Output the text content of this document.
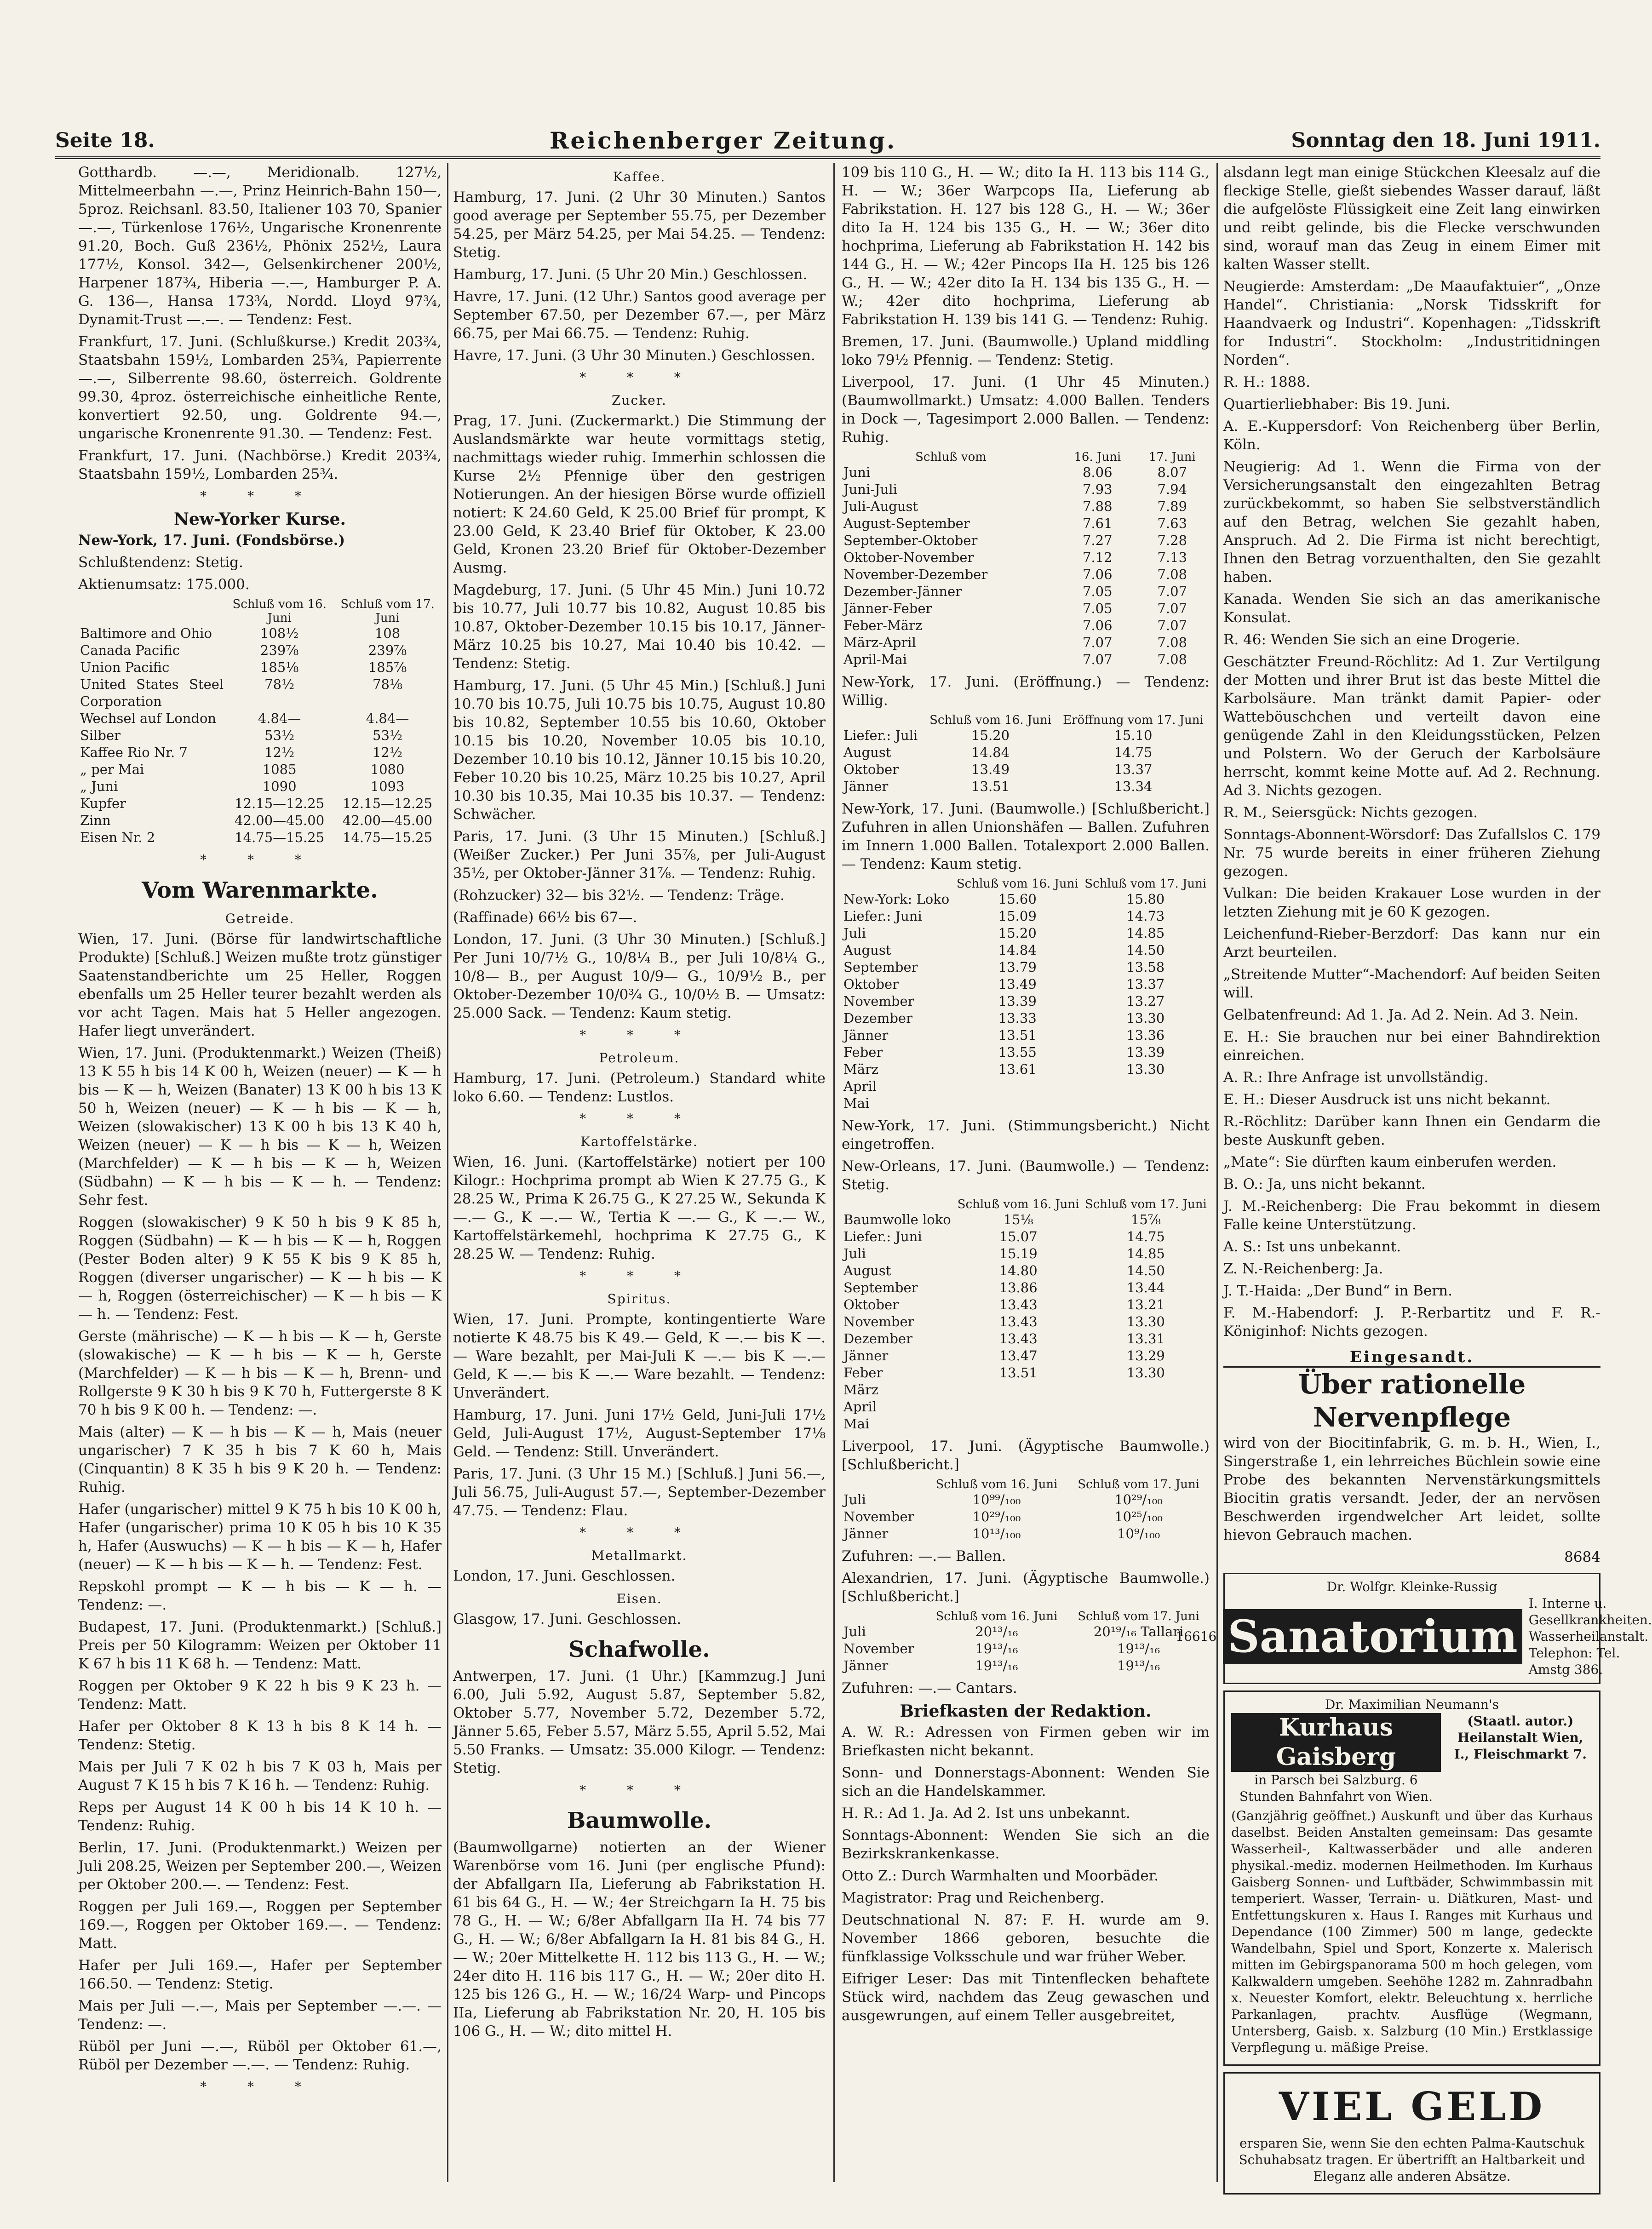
Seite 18.	Reichenberger Zeitung.	Sonntag den 18. Juni 1911.

Gotthardb. —.—, Meridionalb. 127½, Mittelmeerbahn —.—, Prinz Heinrich-Bahn 150—, 5proz. Reichsanl. 83.50, Italiener 103 70, Spanier —.—, Türkenlose 176½, Ungarische Kronenrente 91.20, Boch. Guß 236½, Phönix 252½, Laura 177½, Konsol. 342—, Gelsenkirchener 200½, Harpener 187¾, Hiberia —.—, Hamburger P. A. G. 136—, Hansa 173¾, Nordd. Lloyd 97¾, Dynamit-Trust —.—. — Tendenz: Fest.

Frankfurt, 17. Juni. (Schlußkurse.) Kredit 203¾, Staatsbahn 159½, Lombarden 25¾, Papierrente —.—, Silberrente 98.60, österreich. Goldrente 99.30, 4proz. österreichische einheitliche Rente, konvertiert 92.50, ung. Goldrente 94.—, ungarische Kronenrente 91.30. — Tendenz: Fest.

Frankfurt, 17. Juni. (Nachbörse.) Kredit 203¾, Staatsbahn 159½, Lombarden 25¾.

* * *
New-Yorker Kurse.

New-York, 17. Juni. (Fondsbörse.)

Schlußtendenz: Stetig.

Aktienumsatz: 175.000.

	Schluß vom 16. Juni	Schluß vom 17. Juni
Baltimore and Ohio	108½	108
Canada Pacific	239⅞	239⅞
Union Pacific	185⅛	185⅞
United States Steel Corporation	78½	78⅛
Wechsel auf London	4.84—	4.84—
Silber	53½	53½
Kaffee Rio Nr. 7	12½	12½
„ per Mai	1085	1080
„ Juni	1090	1093
Kupfer	12.15—12.25	12.15—12.25
Zinn	42.00—45.00	42.00—45.00
Eisen Nr. 2	14.75—15.25	14.75—15.25
* * *
Vom Warenmarkte.
Getreide.

Wien, 17. Juni. (Börse für landwirtschaftliche Produkte) [Schluß.] Weizen mußte trotz günstiger Saatenstandberichte um 25 Heller, Roggen ebenfalls um 25 Heller teurer bezahlt werden als vor acht Tagen. Mais hat 5 Heller angezogen. Hafer liegt unverändert.

Wien, 17. Juni. (Produktenmarkt.) Weizen (Theiß) 13 K 55 h bis 14 K 00 h, Weizen (neuer) — K — h bis — K — h, Weizen (Banater) 13 K 00 h bis 13 K 50 h, Weizen (neuer) — K — h bis — K — h, Weizen (slowakischer) 13 K 00 h bis 13 K 40 h, Weizen (neuer) — K — h bis — K — h, Weizen (Marchfelder) — K — h bis — K — h, Weizen (Südbahn) — K — h bis — K — h. — Tendenz: Sehr fest.

Roggen (slowakischer) 9 K 50 h bis 9 K 85 h, Roggen (Südbahn) — K — h bis — K — h, Roggen (Pester Boden alter) 9 K 55 K bis 9 K 85 h, Roggen (diverser ungarischer) — K — h bis — K — h, Roggen (österreichischer) — K — h bis — K — h. — Tendenz: Fest.

Gerste (mährische) — K — h bis — K — h, Gerste (slowakische) — K — h bis — K — h, Gerste (Marchfelder) — K — h bis — K — h, Brenn- und Rollgerste 9 K 30 h bis 9 K 70 h, Futtergerste 8 K 70 h bis 9 K 00 h. — Tendenz: —.

Mais (alter) — K — h bis — K — h, Mais (neuer ungarischer) 7 K 35 h bis 7 K 60 h, Mais (Cinquantin) 8 K 35 h bis 9 K 20 h. — Tendenz: Ruhig.

Hafer (ungarischer) mittel 9 K 75 h bis 10 K 00 h, Hafer (ungarischer) prima 10 K 05 h bis 10 K 35 h, Hafer (Auswuchs) — K — h bis — K — h, Hafer (neuer) — K — h bis — K — h. — Tendenz: Fest.

Repskohl prompt — K — h bis — K — h. — Tendenz: —.

Budapest, 17. Juni. (Produktenmarkt.) [Schluß.] Preis per 50 Kilogramm: Weizen per Oktober 11 K 67 h bis 11 K 68 h. — Tendenz: Matt.

Roggen per Oktober 9 K 22 h bis 9 K 23 h. — Tendenz: Matt.

Hafer per Oktober 8 K 13 h bis 8 K 14 h. — Tendenz: Stetig.

Mais per Juli 7 K 02 h bis 7 K 03 h, Mais per August 7 K 15 h bis 7 K 16 h. — Tendenz: Ruhig.

Reps per August 14 K 00 h bis 14 K 10 h. — Tendenz: Ruhig.

Berlin, 17. Juni. (Produktenmarkt.) Weizen per Juli 208.25, Weizen per September 200.—, Weizen per Oktober 200.—. — Tendenz: Fest.

Roggen per Juli 169.—, Roggen per September 169.—, Roggen per Oktober 169.—. — Tendenz: Matt.

Hafer per Juli 169.—, Hafer per September 166.50. — Tendenz: Stetig.

Mais per Juli —.—, Mais per September —.—. — Tendenz: —.

Rüböl per Juni —.—, Rüböl per Oktober 61.—, Rüböl per Dezember —.—. — Tendenz: Ruhig.

* * *
Kaffee.

Hamburg, 17. Juni. (2 Uhr 30 Minuten.) Santos good average per September 55.75, per Dezember 54.25, per März 54.25, per Mai 54.25. — Tendenz: Stetig.

Hamburg, 17. Juni. (5 Uhr 20 Min.) Geschlossen.

Havre, 17. Juni. (12 Uhr.) Santos good average per September 67.50, per Dezember 67.—, per März 66.75, per Mai 66.75. — Tendenz: Ruhig.

Havre, 17. Juni. (3 Uhr 30 Minuten.) Geschlossen.

* * *
Zucker.

Prag, 17. Juni. (Zuckermarkt.) Die Stimmung der Auslandsmärkte war heute vormittags stetig, nachmittags wieder ruhig. Immerhin schlossen die Kurse 2½ Pfennige über den gestrigen Notierungen. An der hiesigen Börse wurde offiziell notiert: K 24.60 Geld, K 25.00 Brief für prompt, K 23.00 Geld, K 23.40 Brief für Oktober, K 23.00 Geld, Kronen 23.20 Brief für Oktober-Dezember Ausmg.

Magdeburg, 17. Juni. (5 Uhr 45 Min.) Juni 10.72 bis 10.77, Juli 10.77 bis 10.82, August 10.85 bis 10.87, Oktober-Dezember 10.15 bis 10.17, Jänner-März 10.25 bis 10.27, Mai 10.40 bis 10.42. — Tendenz: Stetig.

Hamburg, 17. Juni. (5 Uhr 45 Min.) [Schluß.] Juni 10.70 bis 10.75, Juli 10.75 bis 10.75, August 10.80 bis 10.82, September 10.55 bis 10.60, Oktober 10.15 bis 10.20, November 10.05 bis 10.10, Dezember 10.10 bis 10.12, Jänner 10.15 bis 10.20, Feber 10.20 bis 10.25, März 10.25 bis 10.27, April 10.30 bis 10.35, Mai 10.35 bis 10.37. — Tendenz: Schwächer.

Paris, 17. Juni. (3 Uhr 15 Minuten.) [Schluß.] (Weißer Zucker.) Per Juni 35⅞, per Juli-August 35½, per Oktober-Jänner 31⅞. — Tendenz: Ruhig.

(Rohzucker) 32— bis 32½. — Tendenz: Träge.

(Raffinade) 66½ bis 67—.

London, 17. Juni. (3 Uhr 30 Minuten.) [Schluß.] Per Juni 10/7½ G., 10/8¼ B., per Juli 10/8¼ G., 10/8— B., per August 10/9— G., 10/9½ B., per Oktober-Dezember 10/0¾ G., 10/0½ B. — Umsatz: 25.000 Sack. — Tendenz: Kaum stetig.

* * *
Petroleum.

Hamburg, 17. Juni. (Petroleum.) Standard white loko 6.60. — Tendenz: Lustlos.

* * *
Kartoffelstärke.

Wien, 16. Juni. (Kartoffelstärke) notiert per 100 Kilogr.: Hochprima prompt ab Wien K 27.75 G., K 28.25 W., Prima K 26.75 G., K 27.25 W., Sekunda K —.— G., K —.— W., Tertia K —.— G., K —.— W., Kartoffelstärkemehl, hochprima K 27.75 G., K 28.25 W. — Tendenz: Ruhig.

* * *
Spiritus.

Wien, 17. Juni. Prompte, kontingentierte Ware notierte K 48.75 bis K 49.— Geld, K —.— bis K —.— Ware bezahlt, per Mai-Juli K —.— bis K —.— Geld, K —.— bis K —.— Ware bezahlt. — Tendenz: Unverändert.

Hamburg, 17. Juni. Juni 17½ Geld, Juni-Juli 17½ Geld, Juli-August 17½, August-September 17⅛ Geld. — Tendenz: Still. Unverändert.

Paris, 17. Juni. (3 Uhr 15 M.) [Schluß.] Juni 56.—, Juli 56.75, Juli-August 57.—, September-Dezember 47.75. — Tendenz: Flau.

* * *
Metallmarkt.

London, 17. Juni. Geschlossen.

Eisen.

Glasgow, 17. Juni. Geschlossen.

Schafwolle.

Antwerpen, 17. Juni. (1 Uhr.) [Kammzug.] Juni 6.00, Juli 5.92, August 5.87, September 5.82, Oktober 5.77, November 5.72, Dezember 5.72, Jänner 5.65, Feber 5.57, März 5.55, April 5.52, Mai 5.50 Franks. — Umsatz: 35.000 Kilogr. — Tendenz: Stetig.

* * *
Baumwolle.

(Baumwollgarne) notierten an der Wiener Warenbörse vom 16. Juni (per englische Pfund): der Abfallgarn IIa, Lieferung ab Fabrikstation H. 61 bis 64 G., H. — W.; 4er Streichgarn Ia H. 75 bis 78 G., H. — W.; 6/8er Abfallgarn IIa H. 74 bis 77 G., H. — W.; 6/8er Abfallgarn Ia H. 81 bis 84 G., H. — W.; 20er Mittelkette H. 112 bis 113 G., H. — W.; 24er dito H. 116 bis 117 G., H. — W.; 20er dito H. 125 bis 126 G., H. — W.; 16/24 Warp- und Pincops IIa, Lieferung ab Fabrikstation Nr. 20, H. 105 bis 106 G., H. — W.; dito mittel H.

109 bis 110 G., H. — W.; dito Ia H. 113 bis 114 G., H. — W.; 36er Warpcops IIa, Lieferung ab Fabrikstation. H. 127 bis 128 G., H. — W.; 36er dito Ia H. 124 bis 135 G., H. — W.; 36er dito hochprima, Lieferung ab Fabrikstation H. 142 bis 144 G., H. — W.; 42er Pincops IIa H. 125 bis 126 G., H. — W.; 42er dito Ia H. 134 bis 135 G., H. — W.; 42er dito hochprima, Lieferung ab Fabrikstation H. 139 bis 141 G. — Tendenz: Ruhig.

Bremen, 17. Juni. (Baumwolle.) Upland middling loko 79½ Pfennig. — Tendenz: Stetig.

Liverpool, 17. Juni. (1 Uhr 45 Minuten.) (Baumwollmarkt.) Umsatz: 4.000 Ballen. Tenders in Dock —, Tagesimport 2.000 Ballen. — Tendenz: Ruhig.

Schluß vom	16. Juni	17. Juni
Juni	8.06	8.07
Juni-Juli	7.93	7.94
Juli-August	7.88	7.89
August-September	7.61	7.63
September-Oktober	7.27	7.28
Oktober-November	7.12	7.13
November-Dezember	7.06	7.08
Dezember-Jänner	7.05	7.07
Jänner-Feber	7.05	7.07
Feber-März	7.06	7.07
März-April	7.07	7.08
April-Mai	7.07	7.08

New-York, 17. Juni. (Eröffnung.) — Tendenz: Willig.

	Schluß vom 16. Juni	Eröffnung vom 17. Juni
Liefer.: Juli	15.20	15.10
August	14.84	14.75
Oktober	13.49	13.37
Jänner	13.51	13.34

New-York, 17. Juni. (Baumwolle.) [Schlußbericht.] Zufuhren in allen Unionshäfen — Ballen. Zufuhren im Innern 1.000 Ballen. Totalexport 2.000 Ballen. — Tendenz: Kaum stetig.

	Schluß vom 16. Juni	Schluß vom 17. Juni
New-York: Loko	15.60	15.80
Liefer.: Juni	15.09	14.73
Juli	15.20	14.85
August	14.84	14.50
September	13.79	13.58
Oktober	13.49	13.37
November	13.39	13.27
Dezember	13.33	13.30
Jänner	13.51	13.36
Feber	13.55	13.39
März	13.61	13.30
April		
Mai		

New-York, 17. Juni. (Stimmungsbericht.) Nicht eingetroffen.

New-Orleans, 17. Juni. (Baumwolle.) — Tendenz: Stetig.

	Schluß vom 16. Juni	Schluß vom 17. Juni
Baumwolle loko	15⅛	15⅞
Liefer.: Juni	15.07	14.75
Juli	15.19	14.85
August	14.80	14.50
September	13.86	13.44
Oktober	13.43	13.21
November	13.43	13.30
Dezember	13.43	13.31
Jänner	13.47	13.29
Feber	13.51	13.30
März		
April		
Mai		

Liverpool, 17. Juni. (Ägyptische Baumwolle.) [Schlußbericht.]

	Schluß vom 16. Juni	Schluß vom 17. Juni
Juli	10⁹⁹/₁₀₀	10²⁹/₁₀₀
November	10²⁹/₁₀₀	10²⁵/₁₀₀
Jänner	10¹³/₁₀₀	10⁹/₁₀₀

Zufuhren: —.— Ballen.

Alexandrien, 17. Juni. (Ägyptische Baumwolle.) [Schlußbericht.]

	Schluß vom 16. Juni	Schluß vom 17. Juni
Juli	20¹³/₁₆	20¹⁹/₁₆ Tallari
November	19¹³/₁₆	19¹³/₁₆
Jänner	19¹³/₁₆	19¹³/₁₆

Zufuhren: —.— Cantars.

Briefkasten der Redaktion.

A. W. R.: Adressen von Firmen geben wir im Briefkasten nicht bekannt.

Sonn- und Donnerstags-Abonnent: Wenden Sie sich an die Handelskammer.

H. R.: Ad 1. Ja. Ad 2. Ist uns unbekannt.

Sonntags-Abonnent: Wenden Sie sich an die Bezirkskrankenkasse.

Otto Z.: Durch Warmhalten und Moorbäder.

Magistrator: Prag und Reichenberg.

Deutschnational N. 87: F. H. wurde am 9. November 1866 geboren, besuchte die fünfklassige Volksschule und war früher Weber.

Eifriger Leser: Das mit Tintenflecken behaftete Stück wird, nachdem das Zeug gewaschen und ausgewrungen, auf einem Teller ausgebreitet,

alsdann legt man einige Stückchen Kleesalz auf die fleckige Stelle, gießt siebendes Wasser darauf, läßt die aufgelöste Flüssigkeit eine Zeit lang einwirken und reibt gelinde, bis die Flecke verschwunden sind, worauf man das Zeug in einem Eimer mit kalten Wasser stellt.

Neugierde: Amsterdam: „De Maaufaktuier“, „Onze Handel“. Christiania: „Norsk Tidsskrift for Haandvaerk og Industri“. Kopenhagen: „Tidsskrift for Industri“. Stockholm: „Industritidningen Norden“.

R. H.: 1888.

Quartierliebhaber: Bis 19. Juni.

A. E.-Kuppersdorf: Von Reichenberg über Berlin, Köln.

Neugierig: Ad 1. Wenn die Firma von der Versicherungsanstalt den eingezahlten Betrag zurückbekommt, so haben Sie selbstverständlich auf den Betrag, welchen Sie gezahlt haben, Anspruch. Ad 2. Die Firma ist nicht berechtigt, Ihnen den Betrag vorzuenthalten, den Sie gezahlt haben.

Kanada. Wenden Sie sich an das amerikanische Konsulat.

R. 46: Wenden Sie sich an eine Drogerie.

Geschätzter Freund-Röchlitz: Ad 1. Zur Vertilgung der Motten und ihrer Brut ist das beste Mittel die Karbolsäure. Man tränkt damit Papier- oder Watteböuschchen und verteilt davon eine genügende Zahl in den Kleidungsstücken, Pelzen und Polstern. Wo der Geruch der Karbolsäure herrscht, kommt keine Motte auf. Ad 2. Rechnung. Ad 3. Nichts gezogen.

R. M., Seiersgück: Nichts gezogen.

Sonntags-Abonnent-Wörsdorf: Das Zufallslos C. 179 Nr. 75 wurde bereits in einer früheren Ziehung gezogen.

Vulkan: Die beiden Krakauer Lose wurden in der letzten Ziehung mit je 60 K gezogen.

Leichenfund-Rieber-Berzdorf: Das kann nur ein Arzt beurteilen.

„Streitende Mutter“-Machendorf: Auf beiden Seiten will.

Gelbatenfreund: Ad 1. Ja. Ad 2. Nein. Ad 3. Nein.

E. H.: Sie brauchen nur bei einer Bahndirektion einreichen.

A. R.: Ihre Anfrage ist unvollständig.

E. H.: Dieser Ausdruck ist uns nicht bekannt.

R.-Röchlitz: Darüber kann Ihnen ein Gendarm die beste Auskunft geben.

„Mate“: Sie dürften kaum einberufen werden.

B. O.: Ja, uns nicht bekannt.

J. M.-Reichenberg: Die Frau bekommt in diesem Falle keine Unterstützung.

A. S.: Ist uns unbekannt.

Z. N.-Reichenberg: Ja.

J. T.-Haida: „Der Bund“ in Bern.

F. M.-Habendorf: J. P.-Rerbartitz und F. R.-Königinhof: Nichts gezogen.

Eingesandt.
Über rationelle Nervenpflege

wird von der Biocitinfabrik, G. m. b. H., Wien, I., Singerstraße 1, ein lehrreiches Büchlein sowie eine Probe des bekannten Nervenstärkungsmittels Biocitin gratis versandt. Jeder, der an nervösen Beschwerden irgendwelcher Art leidet, sollte hievon Gebrauch machen.

8684

Dr. Wolfgr. Kleinke-Russig
16616 Sanatorium
I. Interne u. Gesellkrankheiten. Wasserheilanstalt. Telephon: Tel. Amstg 386.
Dr. Maximilian Neumann's
Kurhaus Gaisberg
in Parsch bei Salzburg. 6 Stunden Bahnfahrt von Wien.
(Staatl. autor.) Heilanstalt Wien, I., Fleischmarkt 7.

(Ganzjährig geöffnet.) Auskunft und über das Kurhaus daselbst. Beiden Anstalten gemeinsam: Das gesamte Wasserheil-, Kaltwasserbäder und alle anderen physikal.-mediz. modernen Heilmethoden. Im Kurhaus Gaisberg Sonnen- und Luftbäder, Schwimmbassin mit temperiert. Wasser, Terrain- u. Diätkuren, Mast- und Entfettungskuren x. Haus I. Ranges mit Kurhaus und Dependance (100 Zimmer) 500 m lange, gedeckte Wandelbahn, Spiel und Sport, Konzerte x. Malerisch mitten im Gebirgspanorama 500 m hoch gelegen, vom Kalkwaldern umgeben. Seehöhe 1282 m. Zahnradbahn x. Neuester Komfort, elektr. Beleuchtung x. herrliche Parkanlagen, prachtv. Ausflüge (Wegmann, Untersberg, Gaisb. x. Salzburg (10 Min.) Erstklassige Verpflegung u. mäßige Preise.

VIEL GELD

ersparen Sie, wenn Sie den echten Palma-Kautschuk Schuhabsatz tragen. Er übertrifft an Haltbarkeit und Eleganz alle anderen Absätze.
